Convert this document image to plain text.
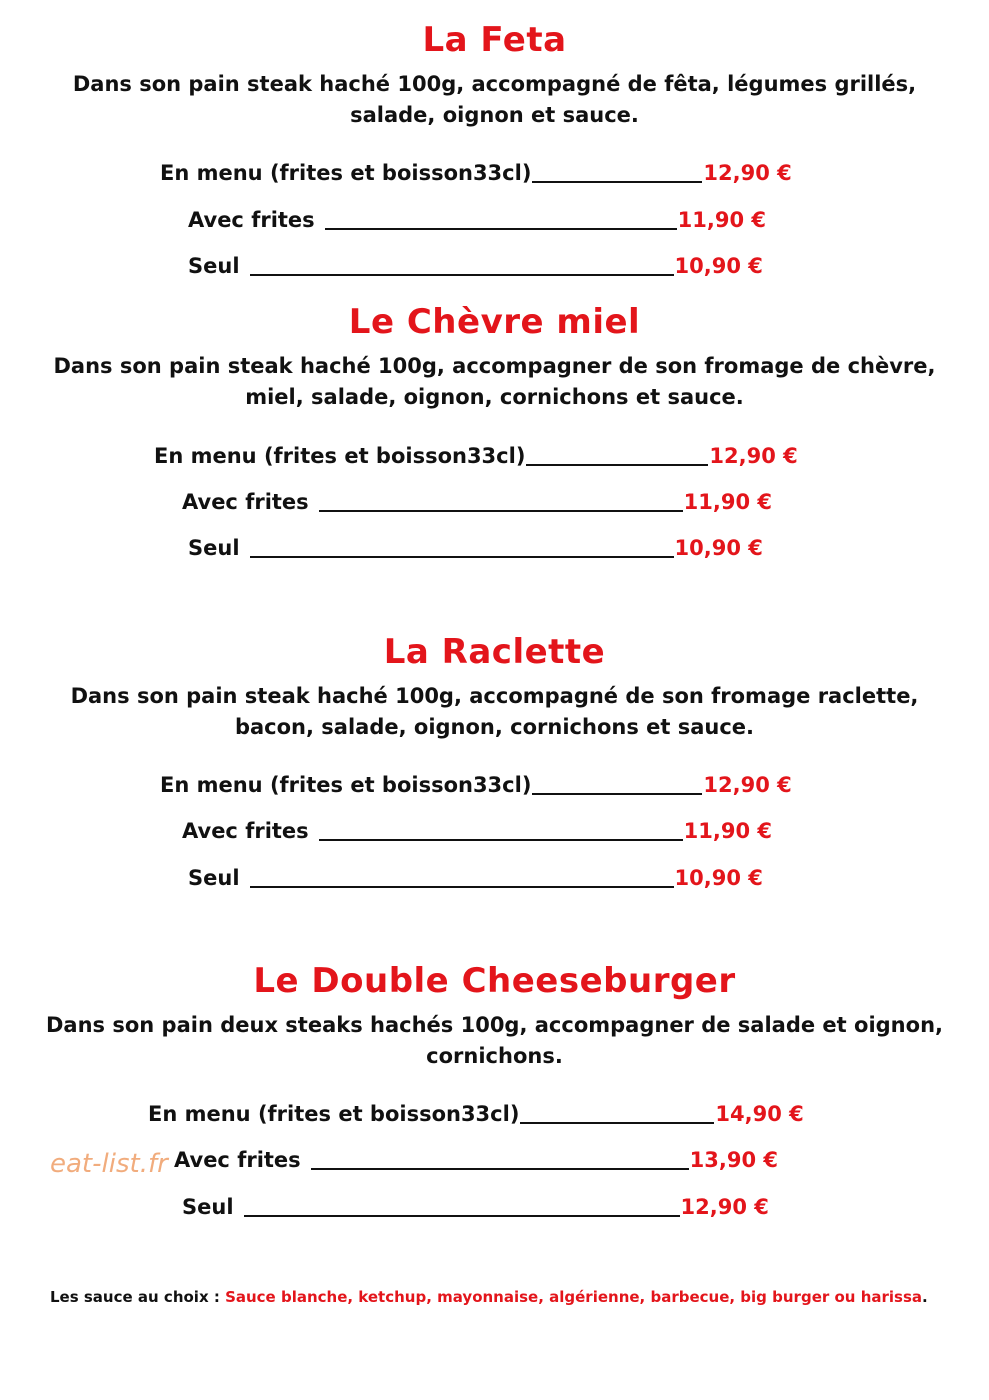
La Feta
Dans son pain steak haché 100g, accompagné de fêta, légumes grillés,
salade, oignon et sauce.
En menu (frites et boisson33cl)	12,90 €
Avec frites	11,90 €
Seul	10,90 €
Le Chèvre miel
Dans son pain steak haché 100g, accompagner de son fromage de chèvre,
miel, salade, oignon, cornichons et sauce.
En menu (frites et boisson33cl)	12,90 €
Avec frites	11,90 €
Seul	10,90 €
La Raclette
Dans son pain steak haché 100g, accompagné de son fromage raclette,
bacon, salade, oignon, cornichons et sauce.
En menu (frites et boisson33cl)	12,90 €
Avec frites	11,90 €
Seul	10,90 €
Le Double Cheeseburger
Dans son pain deux steaks hachés 100g, accompagner de salade et oignon,
cornichons.
En menu (frites et boisson33cl)	14,90 €
Avec frites	13,90 €
Seul	12,90 €
eat-list.fr
Les sauce au choix : Sauce blanche, ketchup, mayonnaise, algérienne, barbecue, big burger ou harissa.
